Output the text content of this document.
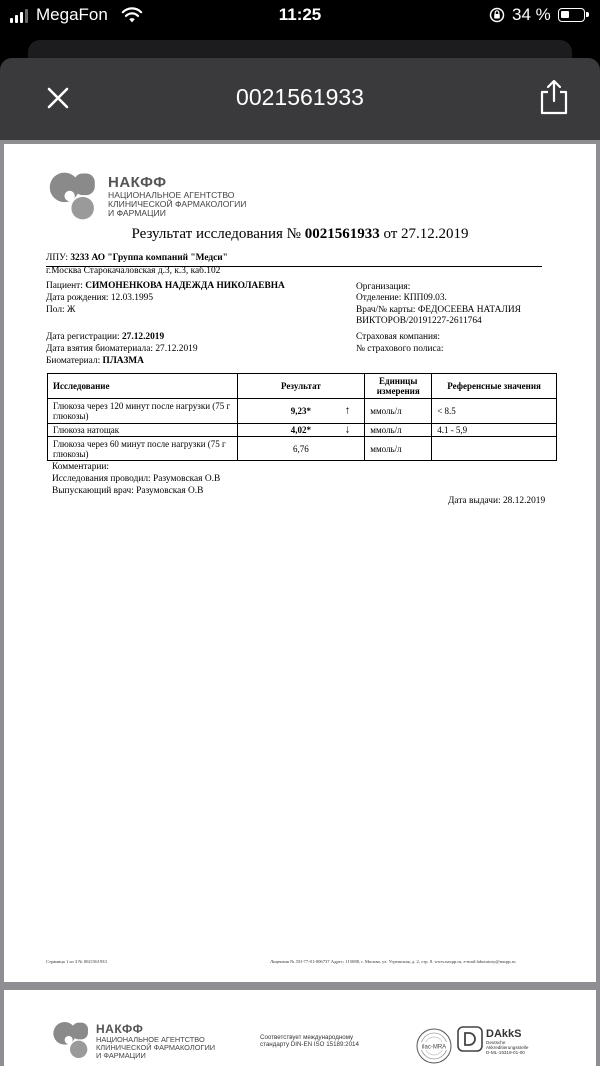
MegaFon	11:25	34 %
0021561933
НАКФФ
НАЦИОНАЛЬНОЕ АГЕНТСТВО
КЛИНИЧЕСКОЙ ФАРМАКОЛОГИИ
И ФАРМАЦИИ
Результат исследования № 0021561933 от 27.12.2019
ЛПУ: 3233 АО "Группа компаний "Медси"
г.Москва Старокачаловская д.3, к.3, каб.102
Пациент: СИМОНЕНКОВА НАДЕЖДА НИКОЛАЕВНА
Дата рождения: 12.03.1995
Пол: Ж
Организация:
Отделение: КПП09.03.
Врач/№ карты: ФЕДОСЕЕВА НАТАЛИЯ
ВИКТОРОВ/20191227-2611764
Дата регистрации: 27.12.2019
Дата взятия биоматериала: 27.12.2019
Биоматериал: ПЛАЗМА
Страховая компания:
№ страхового полиса:
Исследование	Результат	Единицы измерения	Референсные значения
Глюкоза через 120 минут после нагрузки (75 г глюкозы)	9,23* ↑	ммоль/л	< 8.5
Глюкоза натощак	4,02* ↓	ммоль/л	4.1 - 5,9
Глюкоза через 60 минут после нагрузки (75 г глюкозы)	6,76	ммоль/л	
Комментарии:
Исследования проводил: Разумовская О.В
Выпускающий врач: Разумовская О.В
Дата выдачи: 28.12.2019
Страница 1 из 3 № 0021561933	Лицензия № ЛО-77-01-006737 Адрес: 115088, г. Москва, ул. Угрешская, д. 2, стр. 8. www.nacpp.ru, e-mail:laboratory@nacpp.ru
НАКФФ
НАЦИОНАЛЬНОЕ АГЕНТСТВО
КЛИНИЧЕСКОЙ ФАРМАКОЛОГИИ
И ФАРМАЦИИ
Соответствует международному
стандарту DIN-EN ISO 15189:2014	ilac-MRA
DAkkS
Deutsche
Akkreditierungsstelle
D-ML-19319-01-00
